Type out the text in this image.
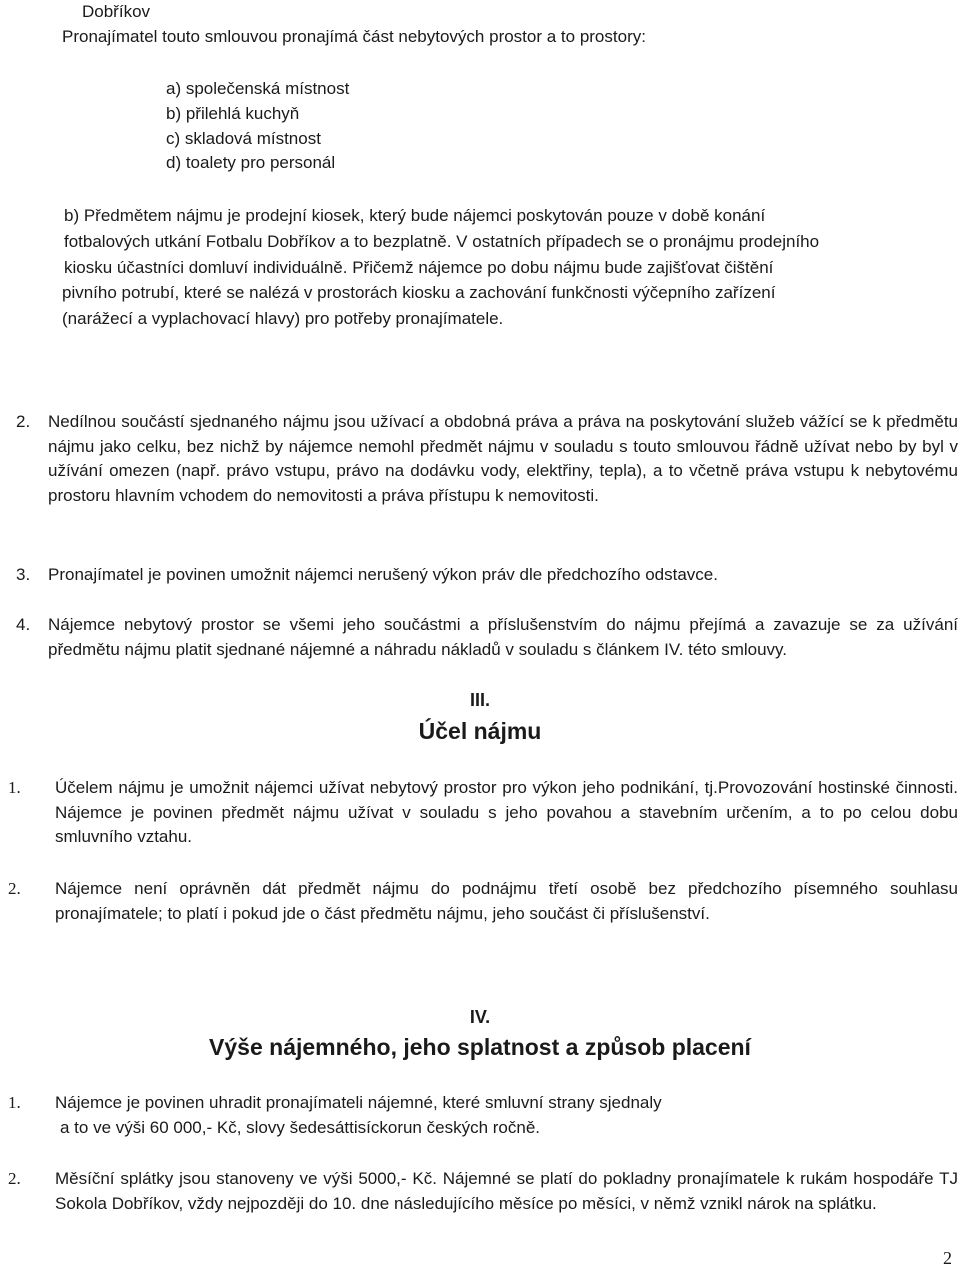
Dobříkov
Pronajímatel touto smlouvou pronajímá část nebytových prostor a to prostory:
a) společenská místnost
b) přilehlá kuchyň
c) skladová místnost
d) toalety pro personál
b) Předmětem nájmu je prodejní kiosek, který bude nájemci poskytován pouze v době konání
fotbalových utkání Fotbalu Dobříkov a to bezplatně. V ostatních případech se o pronájmu prodejního
kiosku účastníci domluví individuálně. Přičemž nájemce po dobu nájmu bude zajišťovat čištění
pivního potrubí, které se nalézá v prostorách kiosku a zachování funkčnosti výčepního zařízení
(narážecí a vyplachovací hlavy) pro potřeby pronajímatele.
2. Nedílnou součástí sjednaného nájmu jsou užívací a obdobná práva a práva na poskytování služeb vážící se k předmětu nájmu jako celku, bez nichž by nájemce nemohl předmět nájmu v souladu s touto smlouvou řádně užívat nebo by byl v užívání omezen (např. právo vstupu, právo na dodávku vody, elektřiny, tepla), a to včetně práva vstupu k nebytovému prostoru hlavním vchodem do nemovitosti a práva přístupu k nemovitosti.
3. Pronajímatel je povinen umožnit nájemci nerušený výkon práv dle předchozího odstavce.
4. Nájemce nebytový prostor se všemi jeho součástmi a příslušenstvím do nájmu přejímá a zavazuje se za užívání předmětu nájmu platit sjednané nájemné a náhradu nákladů v souladu s článkem IV. této smlouvy.
III.
Účel nájmu
1. Účelem nájmu je umožnit nájemci užívat nebytový prostor pro výkon jeho podnikání, tj.Provozování hostinské činnosti. Nájemce je povinen předmět nájmu užívat v souladu s jeho povahou a stavebním určením, a to po celou dobu smluvního vztahu.
2. Nájemce není oprávněn dát předmět nájmu do podnájmu třetí osobě bez předchozího písemného souhlasu pronajímatele; to platí i pokud jde o část předmětu nájmu, jeho součást či příslušenství.
IV.
Výše nájemného, jeho splatnost a způsob placení
1. Nájemce je povinen uhradit pronajímateli nájemné, které smluvní strany sjednaly
a to ve výši 60 000,- Kč, slovy šedesáttisíckorun českých ročně.
2. Měsíční splátky jsou stanoveny ve výši 5000,- Kč. Nájemné se platí do pokladny pronajímatele k rukám hospodáře TJ Sokola Dobříkov, vždy nejpozději do 10. dne následujícího měsíce po měsíci, v němž vznikl nárok na splátku.
2
